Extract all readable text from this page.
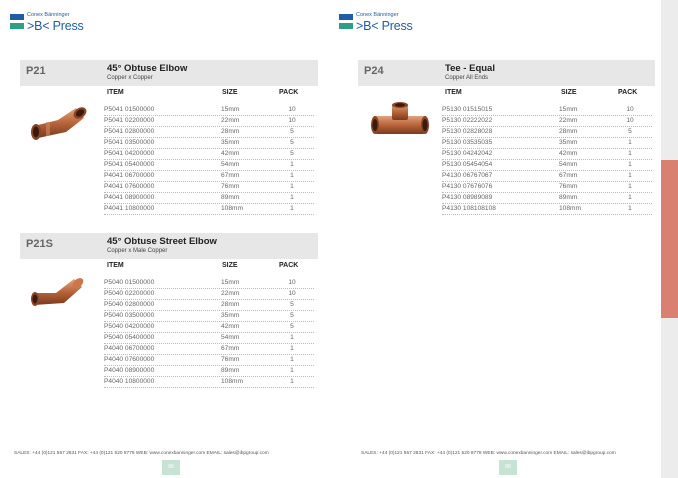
Conex Bänninger
>B< Press
P21	45° Obtuse Elbow
Copper x Copper
ITEM	SIZE	PACK
P5041 01500000	15mm	10
P5041 02200000	22mm	10
P5041 02800000	28mm	5
P5041 03500000	35mm	5
P5041 04200000	42mm	5
P5041 05400000	54mm	1
P4041 06700000	67mm	1
P4041 07600000	76mm	1
P4041 08900000	89mm	1
P4041 10800000	108mm	1
P21S	45° Obtuse Street Elbow
Copper x Male Copper
ITEM	SIZE	PACK
P5040 01500000	15mm	10
P5040 02200000	22mm	10
P5040 02800000	28mm	5
P5040 03500000	35mm	5
P5040 04200000	42mm	5
P5040 05400000	54mm	1
P4040 06700000	67mm	1
P4040 07600000	76mm	1
P4040 08900000	89mm	1
P4040 10800000	108mm	1
SALES: +44 (0)121 557 2831 FAX: +44 (0)121 520 8778 WEB: www.conexbanninger.com EMAIL: sales@ibpgroup.com
88
Conex Bänninger
>B< Press
P24	Tee - Equal
Copper All Ends
ITEM	SIZE	PACK
P5130 01515015	15mm	10
P5130 02222022	22mm	10
P5130 02828028	28mm	5
P5130 03535035	35mm	1
P5130 04242042	42mm	1
P5130 05454054	54mm	1
P4130 06767067	67mm	1
P4130 07676076	76mm	1
P4130 08989089	89mm	1
P4130 108108108	108mm	1
SALES: +44 (0)121 557 2831 FAX: +44 (0)121 520 8778 WEB: www.conexbanninger.com EMAIL: sales@ibpgroup.com
89
